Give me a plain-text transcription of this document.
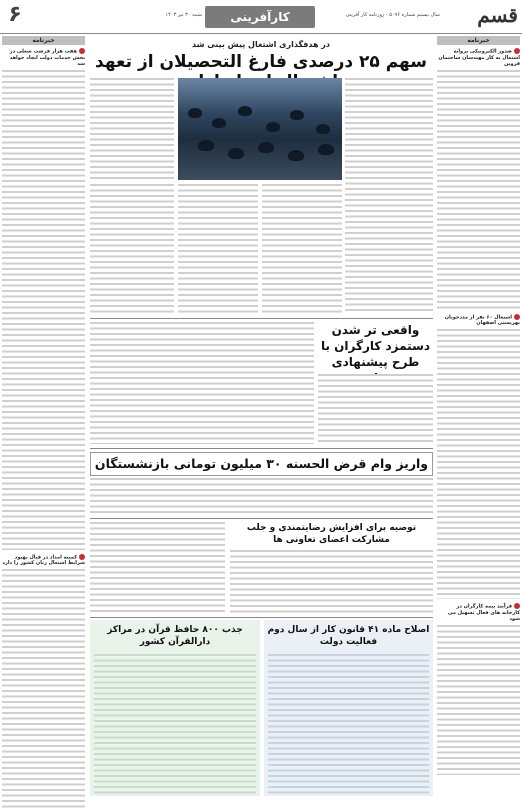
۶	شنبه ۳۰ تیر ۱۴۰۳	کارآفرینی	سال بیستم شماره ۵۰۹۶ - روزنامه کار آفرینی	قسم
خبرنامه
صدور الکترونیکی پروانه اشتغال به کار مهندسان ساختمان قزوین
اشتغال ۶۰ نفر از مددجویان بهزیستی اصفهان
فرآیند بیمه کارگران در کارخانه های فعال تسهیل می شود
خبرنامه
هفت هزار فرصت شغلی در بخش خدمات دولت ایجاد خواهد شد
کمیته امداد در قبال بهبود شرایط اشتغال زنان کشور را دارد
در هدفگذاری اشتغال پیش بینی شد
سهم ۲۵ درصدی فارغ التحصیلان از تعهد
واقعی تر شدن دستمزد کارگران با طرح پیشنهادی
واریز وام قرض الحسنه ۳۰ میلیون تومانی بازنشستگان
توصیه برای افزایش رضایتمندی و جلب مشارکت اعضای تعاونی ها
اصلاح ماده ۴۱ قانون کار از سال دوم فعالیت دولت
جذب ۸۰۰ حافظ قرآن در مراکز دارالقرآن کشور
